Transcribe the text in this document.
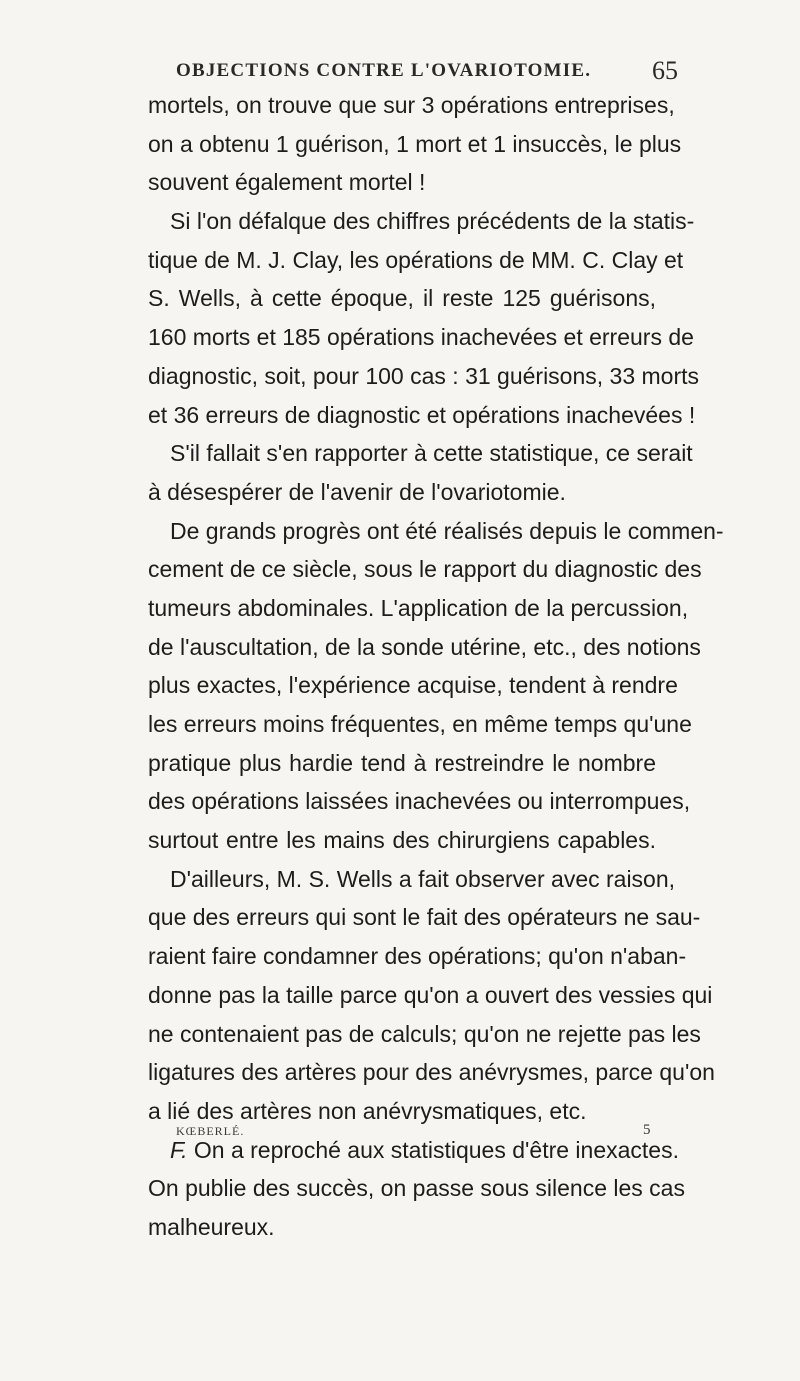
OBJECTIONS CONTRE L'OVARIOTOMIE. 65
mortels, on trouve que sur 3 opérations entreprises,
on a obtenu 1 guérison, 1 mort et 1 insuccès, le plus
souvent également mortel !
Si l'on défalque des chiffres précédents de la statis-
tique de M. J. Clay, les opérations de MM. C. Clay et
S. Wells, à cette époque, il reste 125 guérisons,
160 morts et 185 opérations inachevées et erreurs de
diagnostic, soit, pour 100 cas : 31 guérisons, 33 morts
et 36 erreurs de diagnostic et opérations inachevées !
S'il fallait s'en rapporter à cette statistique, ce serait
à désespérer de l'avenir de l'ovariotomie.
De grands progrès ont été réalisés depuis le commen-
cement de ce siècle, sous le rapport du diagnostic des
tumeurs abdominales. L'application de la percussion,
de l'auscultation, de la sonde utérine, etc., des notions
plus exactes, l'expérience acquise, tendent à rendre
les erreurs moins fréquentes, en même temps qu'une
pratique plus hardie tend à restreindre le nombre
des opérations laissées inachevées ou interrompues,
surtout entre les mains des chirurgiens capables.
D'ailleurs, M. S. Wells a fait observer avec raison,
que des erreurs qui sont le fait des opérateurs ne sau-
raient faire condamner des opérations; qu'on n'aban-
donne pas la taille parce qu'on a ouvert des vessies qui
ne contenaient pas de calculs; qu'on ne rejette pas les
ligatures des artères pour des anévrysmes, parce qu'on
a lié des artères non anévrysmatiques, etc.
F. On a reproché aux statistiques d'être inexactes.
On publie des succès, on passe sous silence les cas
malheureux.
KŒBERLÉ.	5
